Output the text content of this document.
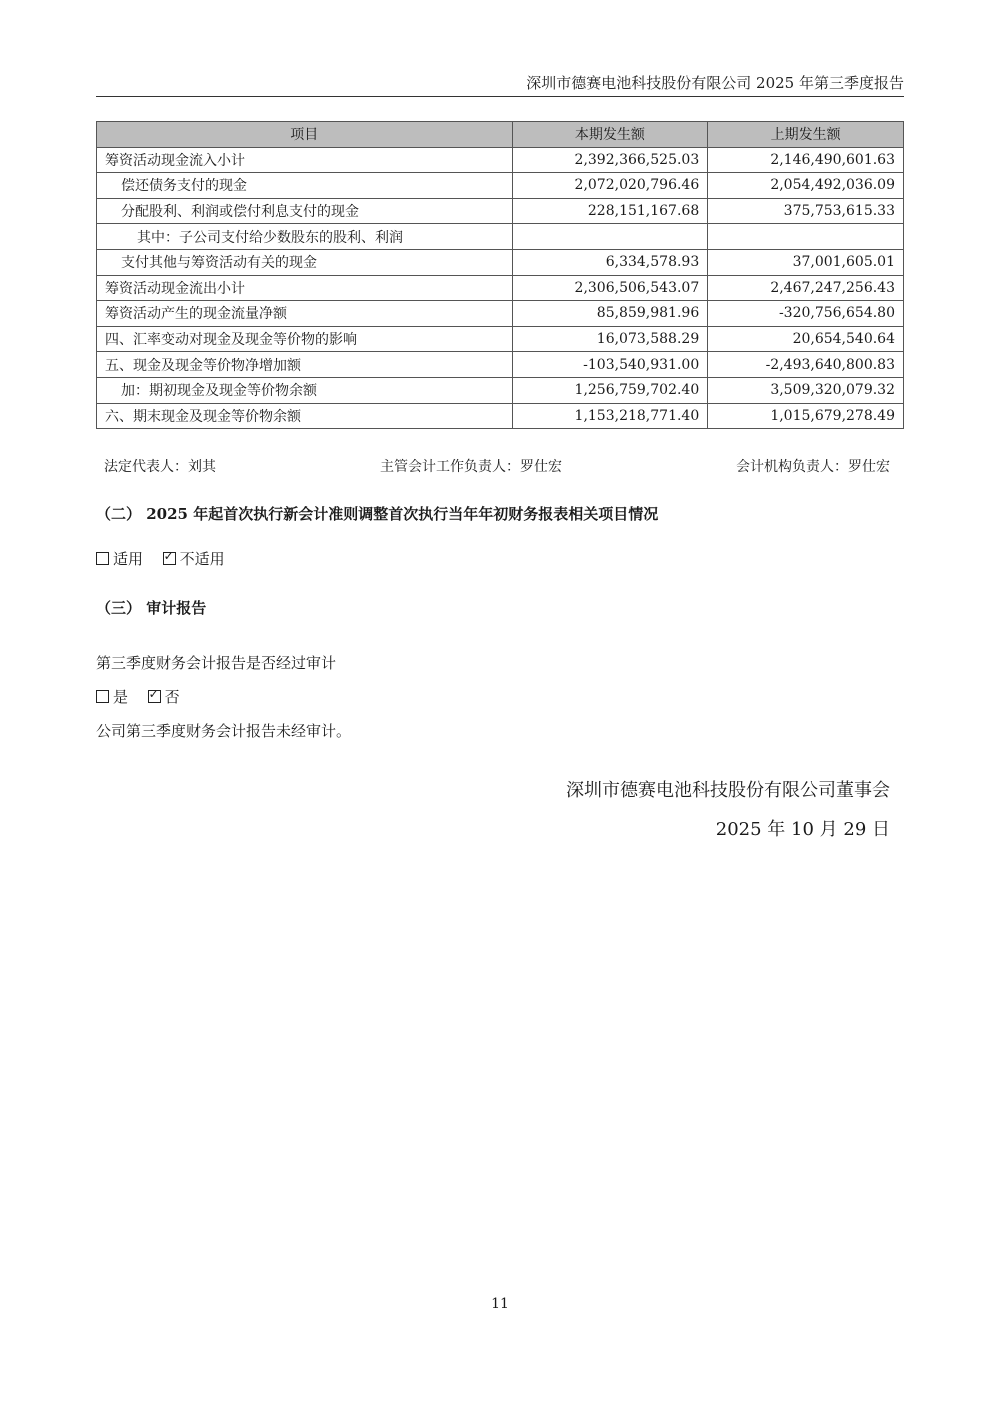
深圳市德赛电池科技股份有限公司 2025 年第三季度报告
项目	本期发生额	上期发生额
筹资活动现金流入小计	2,392,366,525.03	2,146,490,601.63
偿还债务支付的现金	2,072,020,796.46	2,054,492,036.09
分配股利、利润或偿付利息支付的现金	228,151,167.68	375,753,615.33
其中：子公司支付给少数股东的股利、利润		
支付其他与筹资活动有关的现金	6,334,578.93	37,001,605.01
筹资活动现金流出小计	2,306,506,543.07	2,467,247,256.43
筹资活动产生的现金流量净额	85,859,981.96	-320,756,654.80
四、汇率变动对现金及现金等价物的影响	16,073,588.29	20,654,540.64
五、现金及现金等价物净增加额	-103,540,931.00	-2,493,640,800.83
加：期初现金及现金等价物余额	1,256,759,702.40	3,509,320,079.32
六、期末现金及现金等价物余额	1,153,218,771.40	1,015,679,278.49
法定代表人：刘其	主管会计工作负责人：罗仕宏	会计机构负责人：罗仕宏
（二） 2025 年起首次执行新会计准则调整首次执行当年年初财务报表相关项目情况
适用 ✓ 不适用
（三） 审计报告
第三季度财务会计报告是否经过审计
是 ✓ 否
公司第三季度财务会计报告未经审计。
深圳市德赛电池科技股份有限公司董事会
2025 年 10 月 29 日
11
